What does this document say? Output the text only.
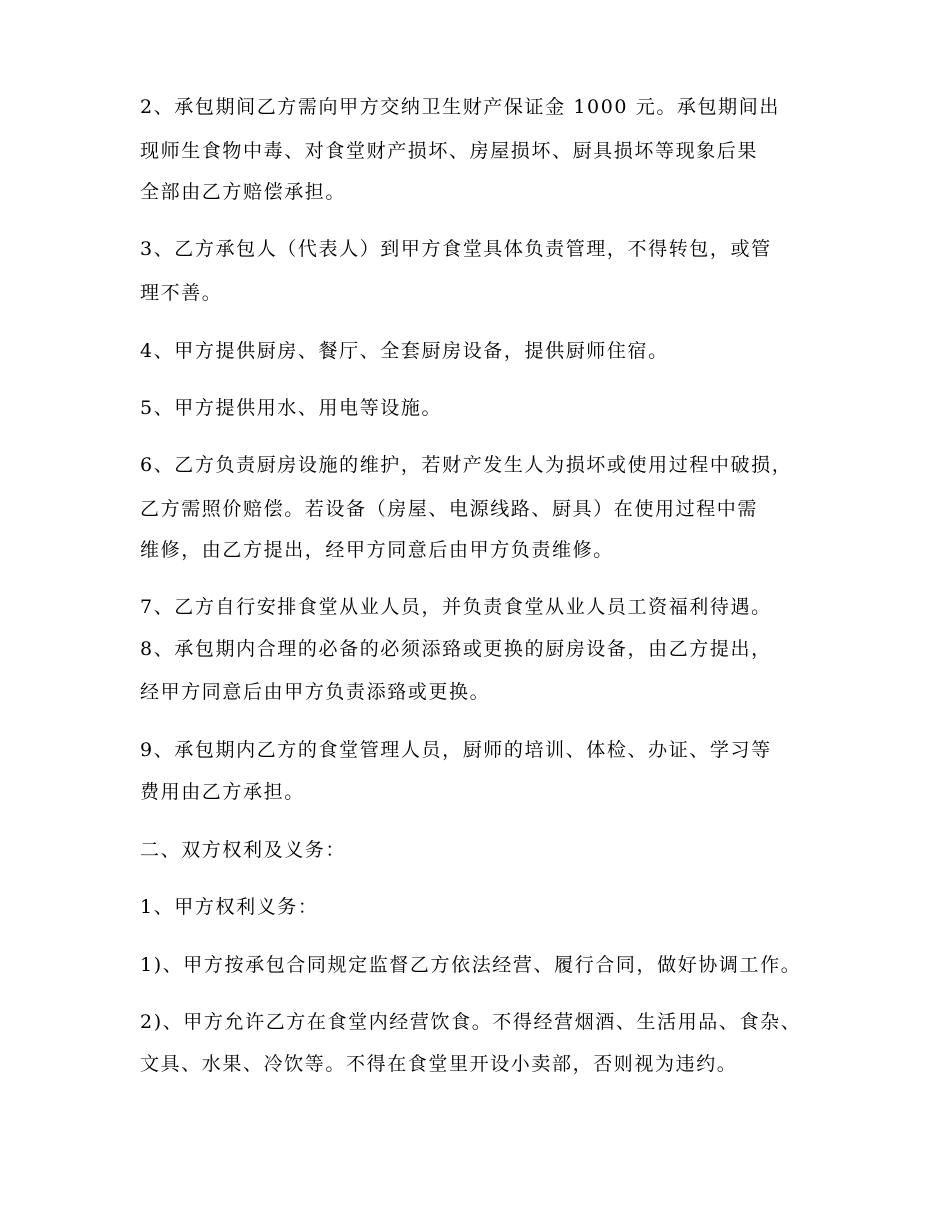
2、承包期间乙方需向甲方交纳卫生财产保证金 1000 元。承包期间出
现师生食物中毒、对食堂财产损坏、房屋损坏、厨具损坏等现象后果
全部由乙方赔偿承担。
3、乙方承包人（代表人）到甲方食堂具体负责管理，不得转包，或管
理不善。
4、甲方提供厨房、餐厅、全套厨房设备，提供厨师住宿。
5、甲方提供用水、用电等设施。
6、乙方负责厨房设施的维护，若财产发生人为损坏或使用过程中破损，
乙方需照价赔偿。若设备（房屋、电源线路、厨具）在使用过程中需
维修，由乙方提出，经甲方同意后由甲方负责维修。
7、乙方自行安排食堂从业人员，并负责食堂从业人员工资福利待遇。
8、承包期内合理的必备的必须添臵或更换的厨房设备，由乙方提出，
经甲方同意后由甲方负责添臵或更换。
9、承包期内乙方的食堂管理人员，厨师的培训、体检、办证、学习等
费用由乙方承担。
二、双方权利及义务：
1、甲方权利义务：
1)、甲方按承包合同规定监督乙方依法经营、履行合同，做好协调工作。
2)、甲方允许乙方在食堂内经营饮食。不得经营烟酒、生活用品、食杂、
文具、水果、冷饮等。不得在食堂里开设小卖部，否则视为违约。
